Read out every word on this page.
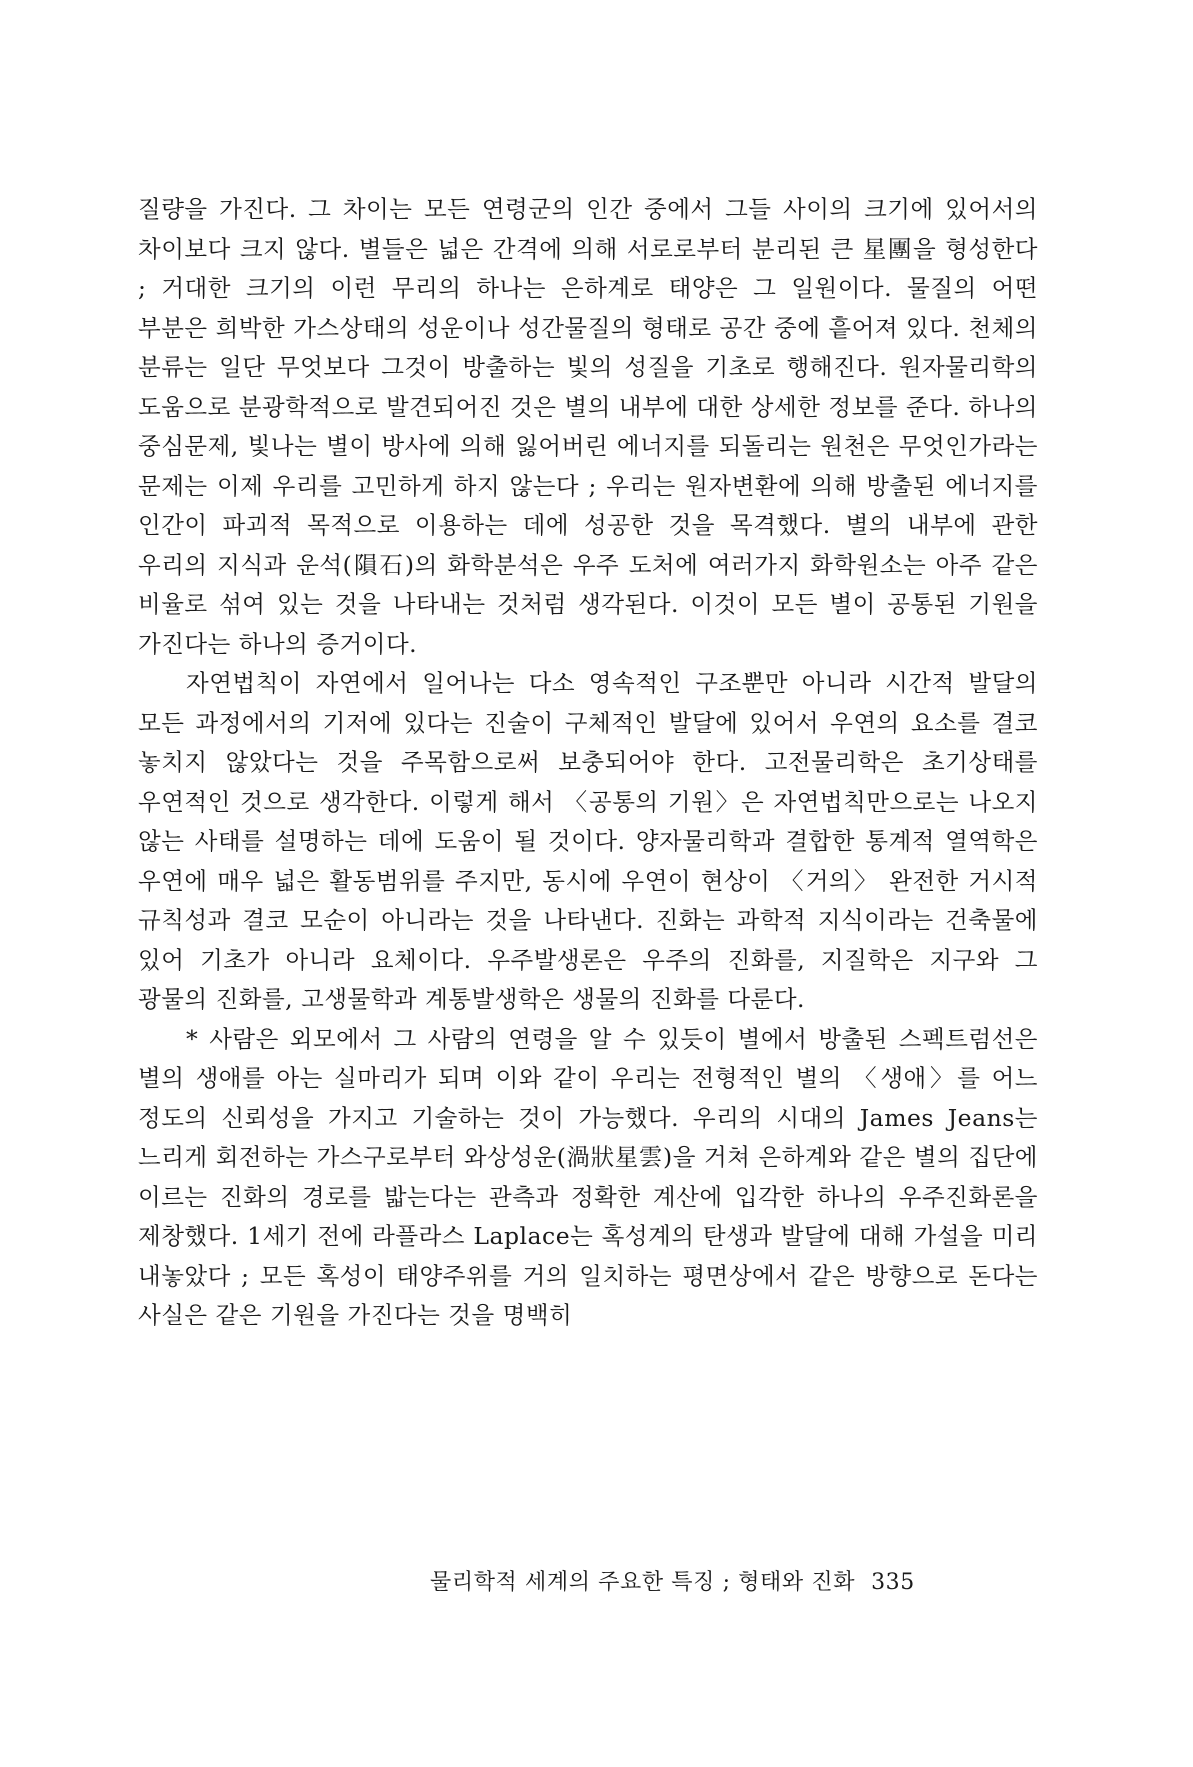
질량을 가진다. 그 차이는 모든 연령군의 인간 중에서 그들 사이의 크기에 있어서의 차이보다 크지 않다. 별들은 넓은 간격에 의해 서로로부터 분리된 큰 星團을 형성한다 ; 거대한 크기의 이런 무리의 하나는 은하계로 태양은 그 일원이다. 물질의 어떤 부분은 희박한 가스상태의 성운이나 성간물질의 형태로 공간 중에 흩어져 있다. 천체의 분류는 일단 무엇보다 그것이 방출하는 빛의 성질을 기초로 행해진다. 원자물리학의 도움으로 분광학적으로 발견되어진 것은 별의 내부에 대한 상세한 정보를 준다. 하나의 중심문제, 빛나는 별이 방사에 의해 잃어버린 에너지를 되돌리는 원천은 무엇인가라는 문제는 이제 우리를 고민하게 하지 않는다 ; 우리는 원자변환에 의해 방출된 에너지를 인간이 파괴적 목적으로 이용하는 데에 성공한 것을 목격했다. 별의 내부에 관한 우리의 지식과 운석(隕石)의 화학분석은 우주 도처에 여러가지 화학원소는 아주 같은 비율로 섞여 있는 것을 나타내는 것처럼 생각된다. 이것이 모든 별이 공통된 기원을 가진다는 하나의 증거이다.

자연법칙이 자연에서 일어나는 다소 영속적인 구조뿐만 아니라 시간적 발달의 모든 과정에서의 기저에 있다는 진술이 구체적인 발달에 있어서 우연의 요소를 결코 놓치지 않았다는 것을 주목함으로써 보충되어야 한다. 고전물리학은 초기상태를 우연적인 것으로 생각한다. 이렇게 해서 〈공통의 기원〉은 자연법칙만으로는 나오지 않는 사태를 설명하는 데에 도움이 될 것이다. 양자물리학과 결합한 통계적 열역학은 우연에 매우 넓은 활동범위를 주지만, 동시에 우연이 현상이 〈거의〉 완전한 거시적 규칙성과 결코 모순이 아니라는 것을 나타낸다. 진화는 과학적 지식이라는 건축물에 있어 기초가 아니라 요체이다. 우주발생론은 우주의 진화를, 지질학은 지구와 그 광물의 진화를, 고생물학과 계통발생학은 생물의 진화를 다룬다.

* 사람은 외모에서 그 사람의 연령을 알 수 있듯이 별에서 방출된 스펙트럼선은 별의 생애를 아는 실마리가 되며 이와 같이 우리는 전형적인 별의 〈생애〉를 어느 정도의 신뢰성을 가지고 기술하는 것이 가능했다. 우리의 시대의 James Jeans는 느리게 회전하는 가스구로부터 와상성운(渦狀星雲)을 거쳐 은하계와 같은 별의 집단에 이르는 진화의 경로를 밟는다는 관측과 정확한 계산에 입각한 하나의 우주진화론을 제창했다. 1세기 전에 라플라스 Laplace는 혹성계의 탄생과 발달에 대해 가설을 미리 내놓았다 ; 모든 혹성이 태양주위를 거의 일치하는 평면상에서 같은 방향으로 돈다는 사실은 같은 기원을 가진다는 것을 명백히

물리학적 세계의 주요한 특징 ; 형태와 진화 335
